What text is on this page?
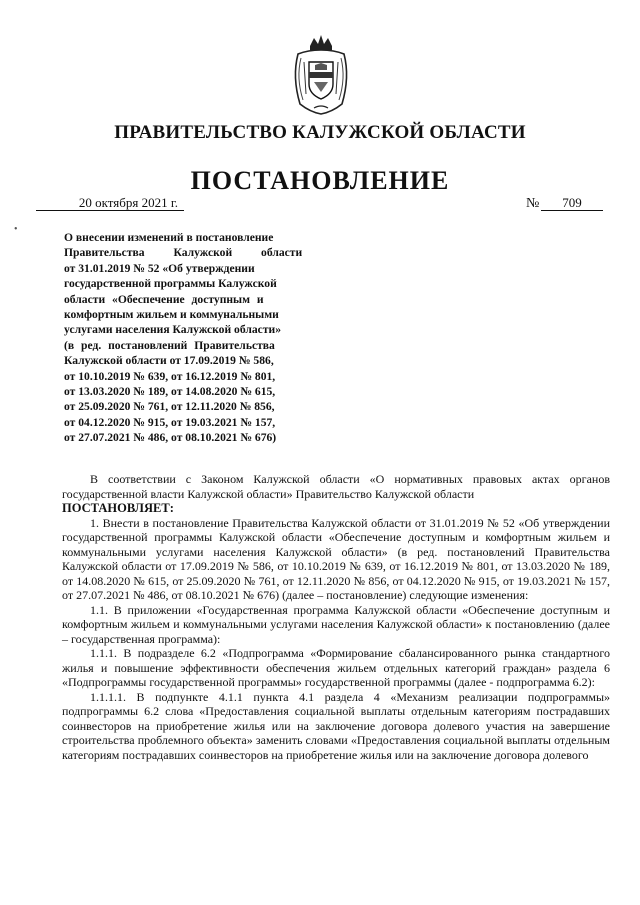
ПРАВИТЕЛЬСТВО КАЛУЖСКОЙ ОБЛАСТИ
ПОСТАНОВЛЕНИЕ
20 октября 2021 г.	№	709
•
О внесении изменений в постановление
Правительства Калужской области
от 31.01.2019 № 52 «Об утверждении
государственной программы Калужской
области «Обеспечение доступным и
комфортным жильем и коммунальными
услугами населения Калужской области»
(в ред. постановлений Правительства
Калужской области от 17.09.2019 № 586,
от 10.10.2019 № 639, от 16.12.2019 № 801,
от 13.03.2020 № 189, от 14.08.2020 № 615,
от 25.09.2020 № 761, от 12.11.2020 № 856,
от 04.12.2020 № 915, от 19.03.2021 № 157,
от 27.07.2021 № 486, от 08.10.2021 № 676)

В соответствии с Законом Калужской области «О нормативных правовых актах органов государственной власти Калужской области» Правительство Калужской области

ПОСТАНОВЛЯЕТ:

1. Внести в постановление Правительства Калужской области от 31.01.2019 № 52 «Об утверждении государственной программы Калужской области «Обеспечение доступным и комфортным жильем и коммунальными услугами населения Калужской области» (в ред. постановлений Правительства Калужской области от 17.09.2019 № 586, от 10.10.2019 № 639, от 16.12.2019 № 801, от 13.03.2020 № 189, от 14.08.2020 № 615, от 25.09.2020 № 761, от 12.11.2020 № 856, от 04.12.2020 № 915, от 19.03.2021 № 157, от 27.07.2021 № 486, от 08.10.2021 № 676) (далее – постановление) следующие изменения:

1.1. В приложении «Государственная программа Калужской области «Обеспечение доступным и комфортным жильем и коммунальными услугами населения Калужской области» к постановлению (далее – государственная программа):

1.1.1. В подразделе 6.2 «Подпрограмма «Формирование сбалансированного рынка стандартного жилья и повышение эффективности обеспечения жильем отдельных категорий граждан» раздела 6 «Подпрограммы государственной программы» государственной программы (далее - подпрограмма 6.2):

1.1.1.1. В подпункте 4.1.1 пункта 4.1 раздела 4 «Механизм реализации подпрограммы» подпрограммы 6.2 слова «Предоставления социальной выплаты отдельным категориям пострадавших соинвесторов на приобретение жилья или на заключение договора долевого участия на завершение строительства проблемного объекта» заменить словами «Предоставления социальной выплаты отдельным категориям пострадавших соинвесторов на приобретение жилья или на заключение договора долевого
